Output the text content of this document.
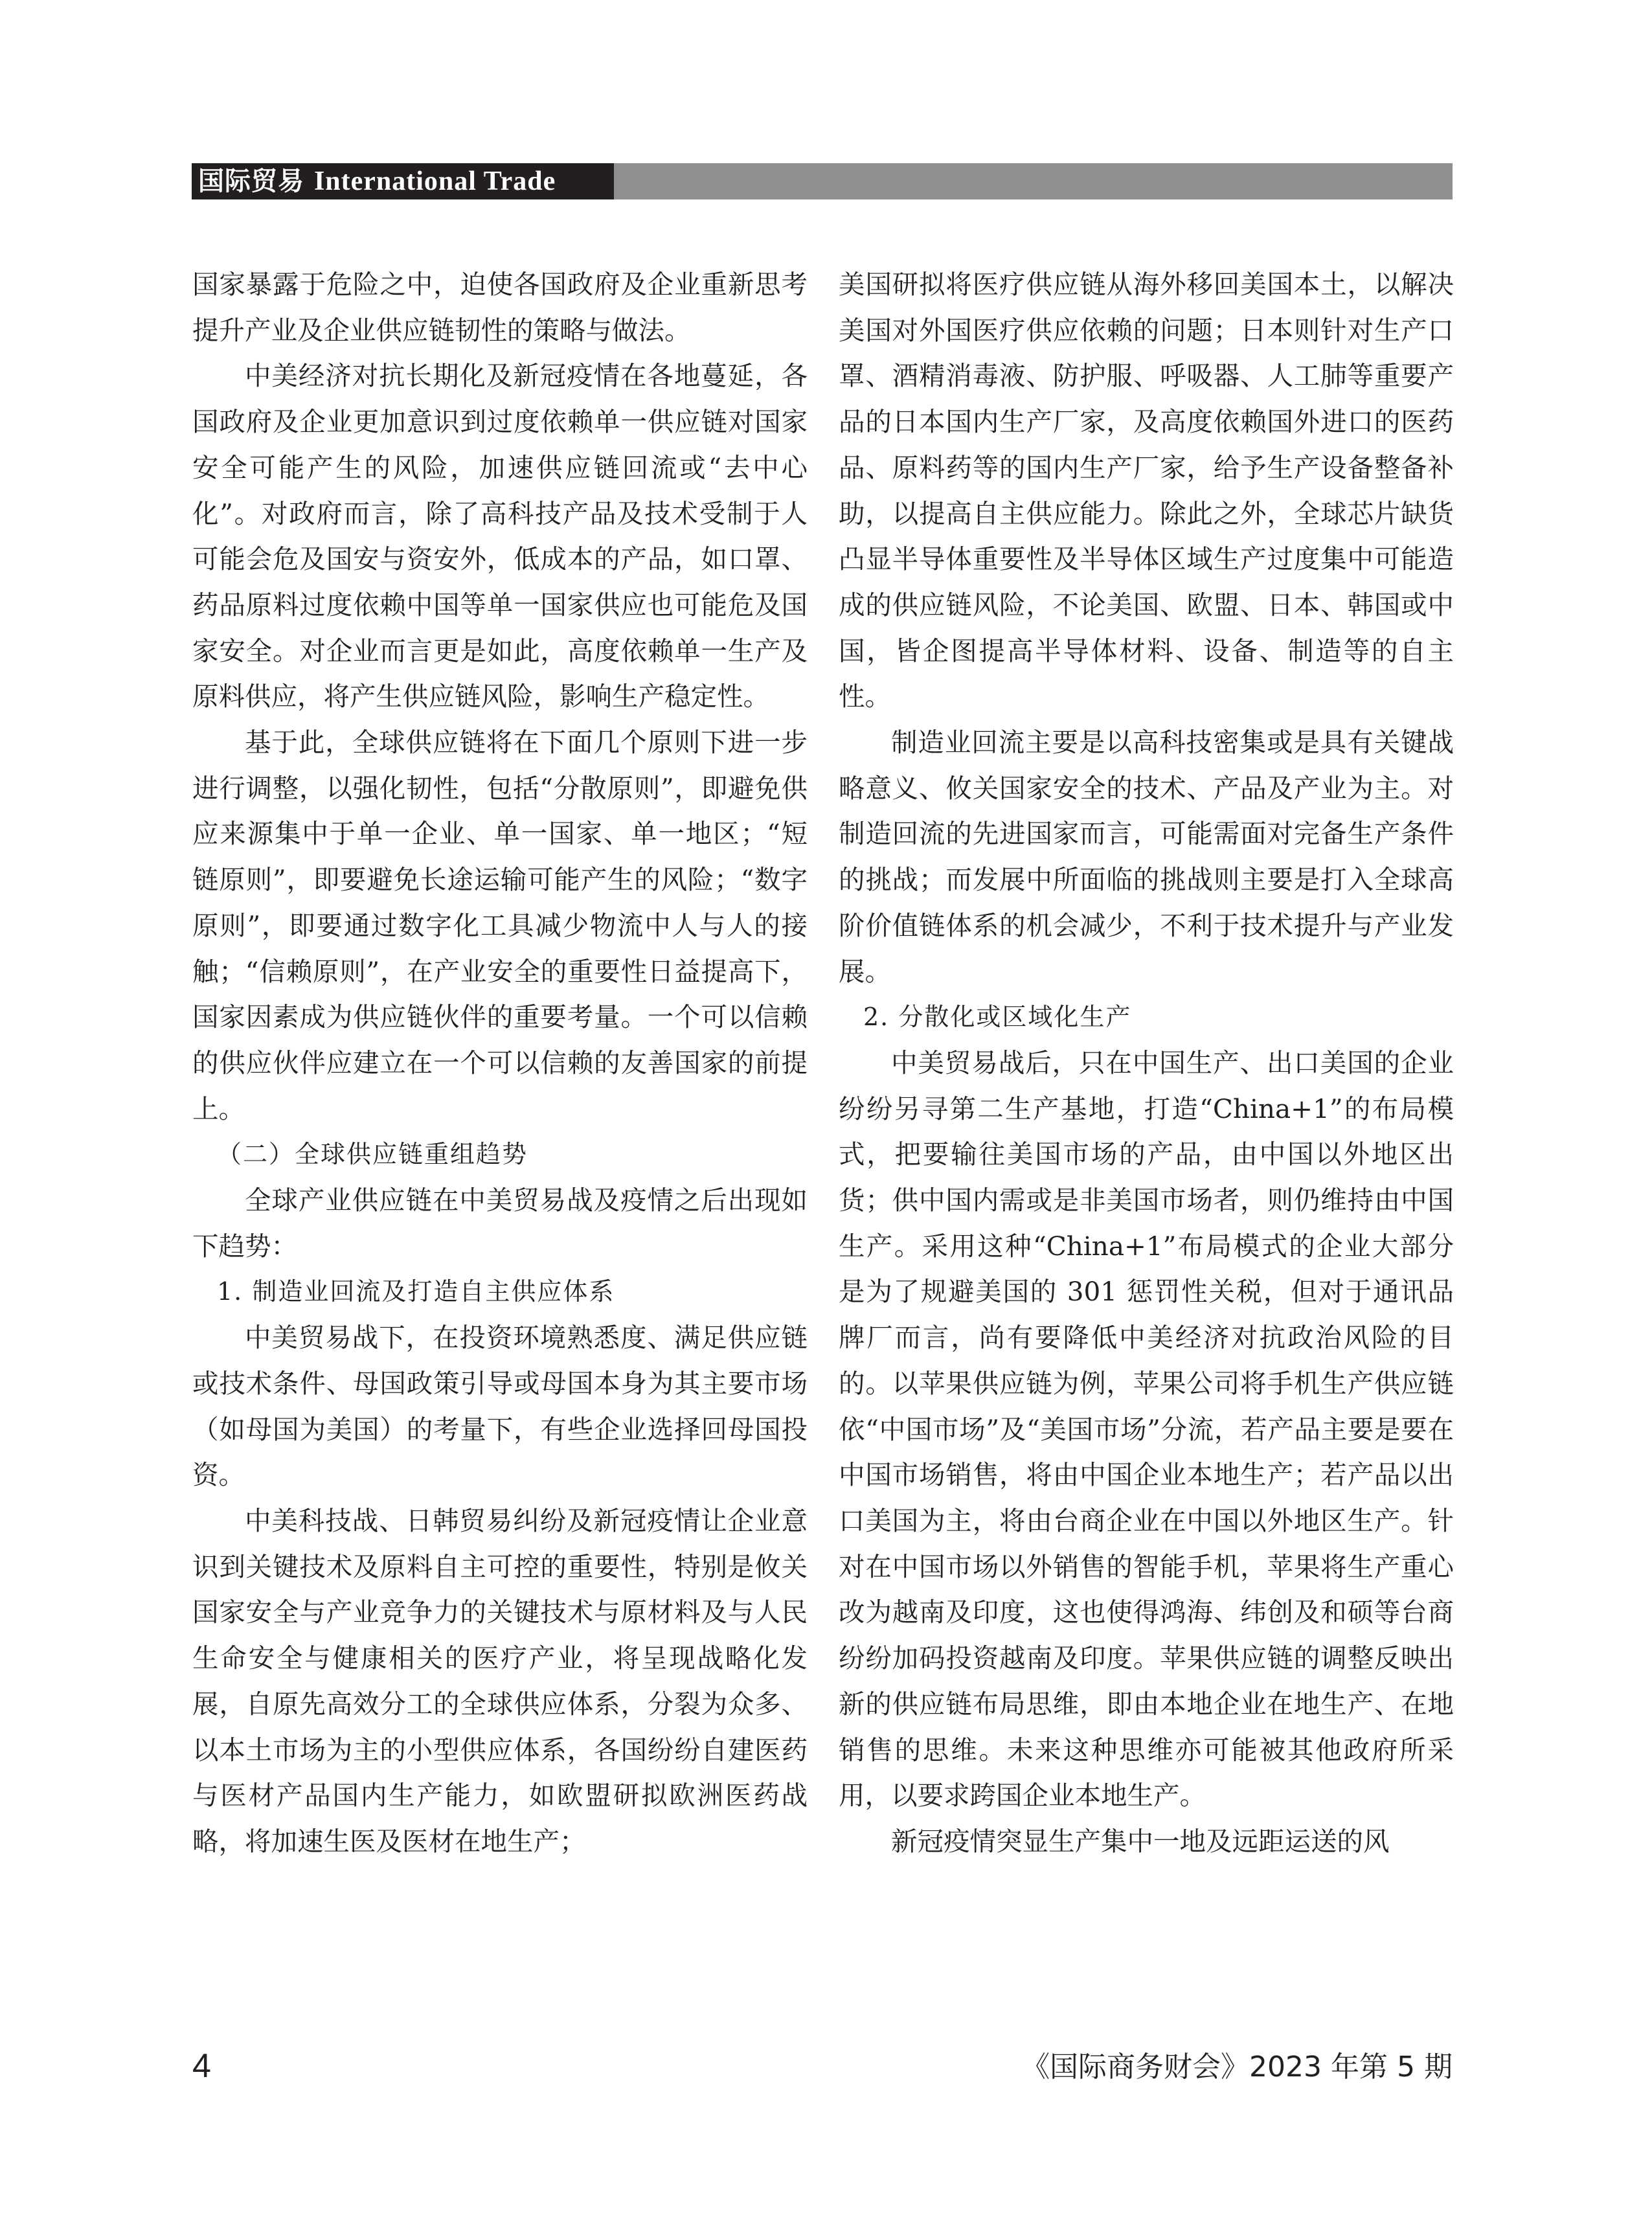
国际贸易 International Trade

国家暴露于危险之中，迫使各国政府及企业重新思考提升产业及企业供应链韧性的策略与做法。

中美经济对抗长期化及新冠疫情在各地蔓延，各国政府及企业更加意识到过度依赖单一供应链对国家安全可能产生的风险，加速供应链回流或“去中心化”。对政府而言，除了高科技产品及技术受制于人可能会危及国安与资安外，低成本的产品，如口罩、药品原料过度依赖中国等单一国家供应也可能危及国家安全。对企业而言更是如此，高度依赖单一生产及原料供应，将产生供应链风险，影响生产稳定性。

基于此，全球供应链将在下面几个原则下进一步进行调整，以强化韧性，包括“分散原则”，即避免供应来源集中于单一企业、单一国家、单一地区；“短链原则”，即要避免长途运输可能产生的风险；“数字原则”，即要通过数字化工具减少物流中人与人的接触；“信赖原则”，在产业安全的重要性日益提高下，国家因素成为供应链伙伴的重要考量。一个可以信赖的供应伙伴应建立在一个可以信赖的友善国家的前提上。

（二）全球供应链重组趋势

全球产业供应链在中美贸易战及疫情之后出现如下趋势：

1. 制造业回流及打造自主供应体系

中美贸易战下，在投资环境熟悉度、满足供应链或技术条件、母国政策引导或母国本身为其主要市场（如母国为美国）的考量下，有些企业选择回母国投资。

中美科技战、日韩贸易纠纷及新冠疫情让企业意识到关键技术及原料自主可控的重要性，特别是攸关国家安全与产业竞争力的关键技术与原材料及与人民生命安全与健康相关的医疗产业，将呈现战略化发展，自原先高效分工的全球供应体系，分裂为众多、以本土市场为主的小型供应体系，各国纷纷自建医药与医材产品国内生产能力，如欧盟研拟欧洲医药战略，将加速生医及医材在地生产；

美国研拟将医疗供应链从海外移回美国本土，以解决美国对外国医疗供应依赖的问题；日本则针对生产口罩、酒精消毒液、防护服、呼吸器、人工肺等重要产品的日本国内生产厂家，及高度依赖国外进口的医药品、原料药等的国内生产厂家，给予生产设备整备补助，以提高自主供应能力。除此之外，全球芯片缺货凸显半导体重要性及半导体区域生产过度集中可能造成的供应链风险，不论美国、欧盟、日本、韩国或中国，皆企图提高半导体材料、设备、制造等的自主性。

制造业回流主要是以高科技密集或是具有关键战略意义、攸关国家安全的技术、产品及产业为主。对制造回流的先进国家而言，可能需面对完备生产条件的挑战；而发展中所面临的挑战则主要是打入全球高阶价值链体系的机会减少，不利于技术提升与产业发展。

2. 分散化或区域化生产

中美贸易战后，只在中国生产、出口美国的企业纷纷另寻第二生产基地，打造“China+1”的布局模式，把要输往美国市场的产品，由中国以外地区出货；供中国内需或是非美国市场者，则仍维持由中国生产。采用这种“China+1”布局模式的企业大部分是为了规避美国的 301 惩罚性关税，但对于通讯品牌厂而言，尚有要降低中美经济对抗政治风险的目的。以苹果供应链为例，苹果公司将手机生产供应链依“中国市场”及“美国市场”分流，若产品主要是要在中国市场销售，将由中国企业本地生产；若产品以出口美国为主，将由台商企业在中国以外地区生产。针对在中国市场以外销售的智能手机，苹果将生产重心改为越南及印度，这也使得鸿海、纬创及和硕等台商纷纷加码投资越南及印度。苹果供应链的调整反映出新的供应链布局思维，即由本地企业在地生产、在地销售的思维。未来这种思维亦可能被其他政府所采用，以要求跨国企业本地生产。

新冠疫情突显生产集中一地及远距运送的风

4	《国际商务财会》2023 年第 5 期
